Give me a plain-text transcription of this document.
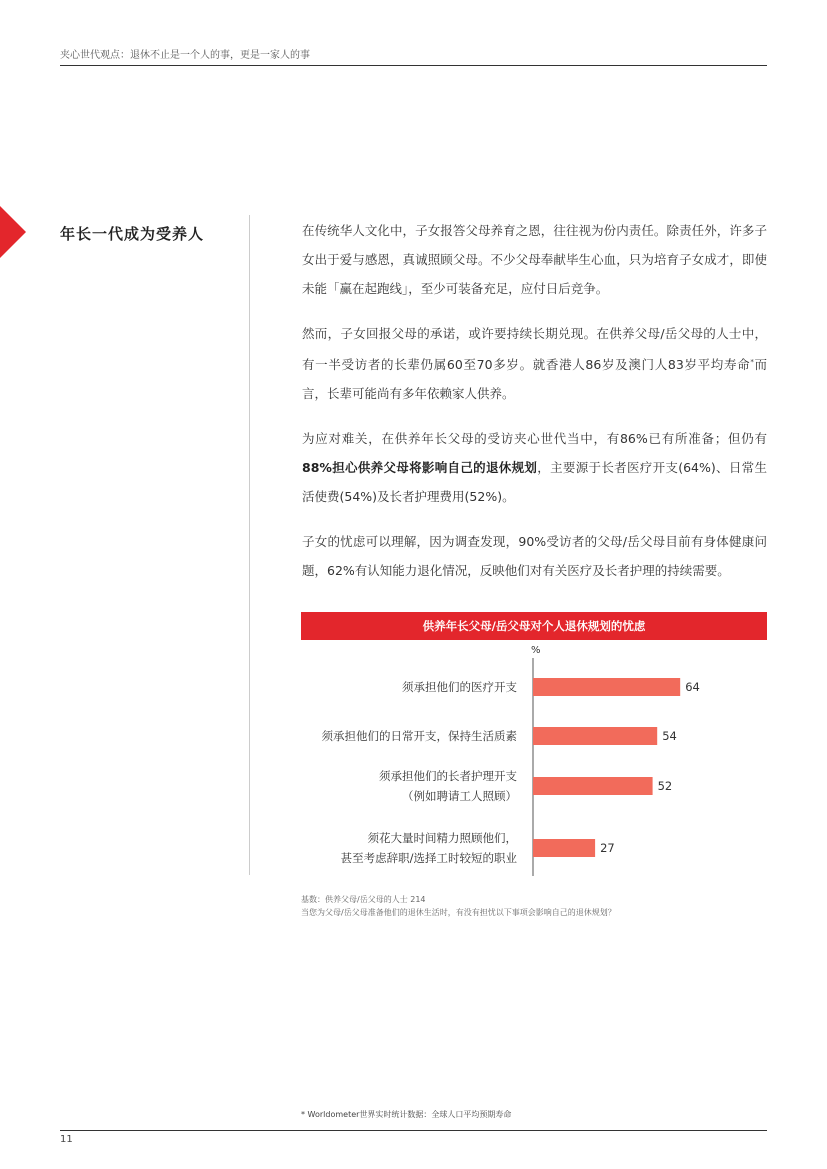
夹心世代观点：退休不止是一个人的事，更是一家人的事
年长一代成为受养人	在传统华人文化中，子女报答父母养育之恩，往往视为份内责任。除责任外，许多子女出于爱与感恩，真诚照顾父母。不少父母奉献毕生心血，只为培育子女成才，即使未能「赢在起跑线」，至少可装备充足，应付日后竞争。

然而，子女回报父母的承诺，或许要持续长期兑现。在供养父母/岳父母的人士中，有一半受访者的长辈仍属60至70多岁。就香港人86岁及澳门人83岁平均寿命*而言，长辈可能尚有多年依赖家人供养。

为应对难关，在供养年长父母的受访夹心世代当中，有86%已有所准备；但仍有88%担心供养父母将影响自己的退休规划，主要源于长者医疗开支(64%)、日常生活使费(54%)及长者护理费用(52%)。

子女的忧虑可以理解，因为调查发现，90%受访者的父母/岳父母目前有身体健康问题，62%有认知能力退化情况，反映他们对有关医疗及长者护理的持续需要。

供养年长父母/岳父母对个人退休规划的忧虑
%
64
须承担他们的医疗开支
54
须承担他们的日常开支，保持生活质素
52
须承担他们的长者护理开支
（例如聘请工人照顾）
27
须花大量时间精力照顾他们，
甚至考虑辞职/选择工时较短的职业
基数：供养父母/岳父母的人士 214
当您为父母/岳父母准备他们的退休生活时，有没有担忧以下事项会影响自己的退休规划？
* Worldometer世界实时统计数据：全球人口平均预期寿命
11
